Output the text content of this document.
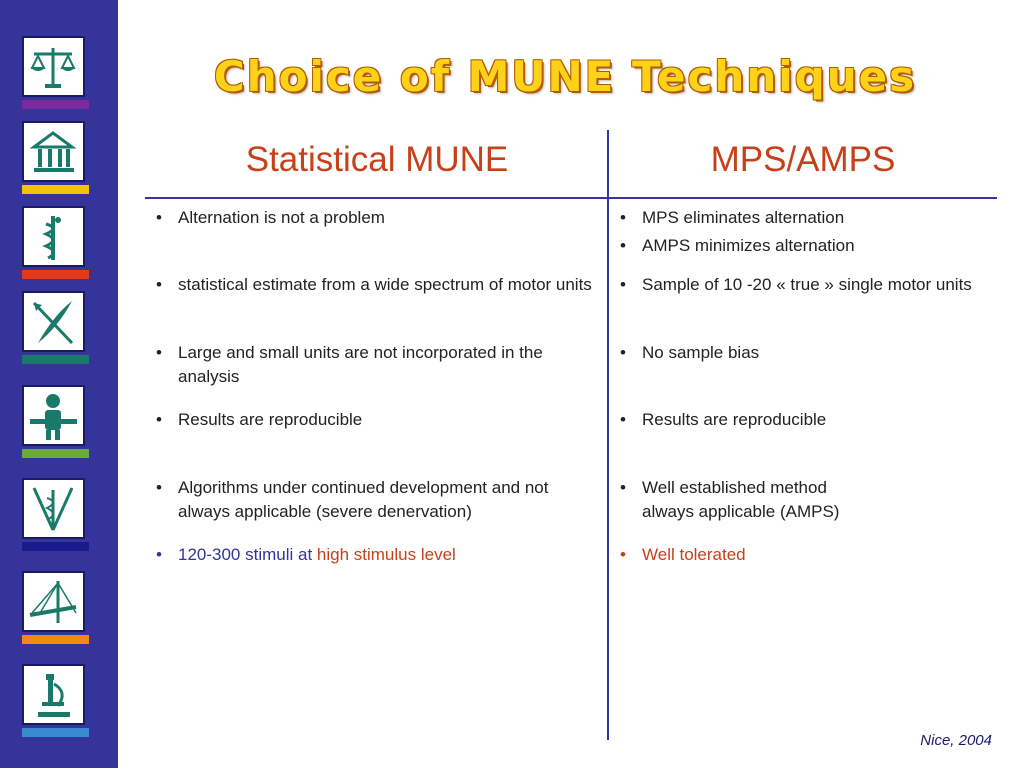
Choice of MUNE Techniques
Statistical MUNE	MPS/AMPS
• Alternation is not a problem
• statistical estimate from a wide spectrum of motor units
• Large and small units are not incorporated in the analysis
• Results are reproducible
• Algorithms under continued development and not always applicable (severe denervation)
• 120-300 stimuli at high stimulus level
• MPS eliminates alternation
• AMPS minimizes alternation
• Sample of 10 -20 « true » single motor units
• No sample bias
• Results are reproducible
• Well established method
always applicable (AMPS)
• Well tolerated
Nice, 2004
